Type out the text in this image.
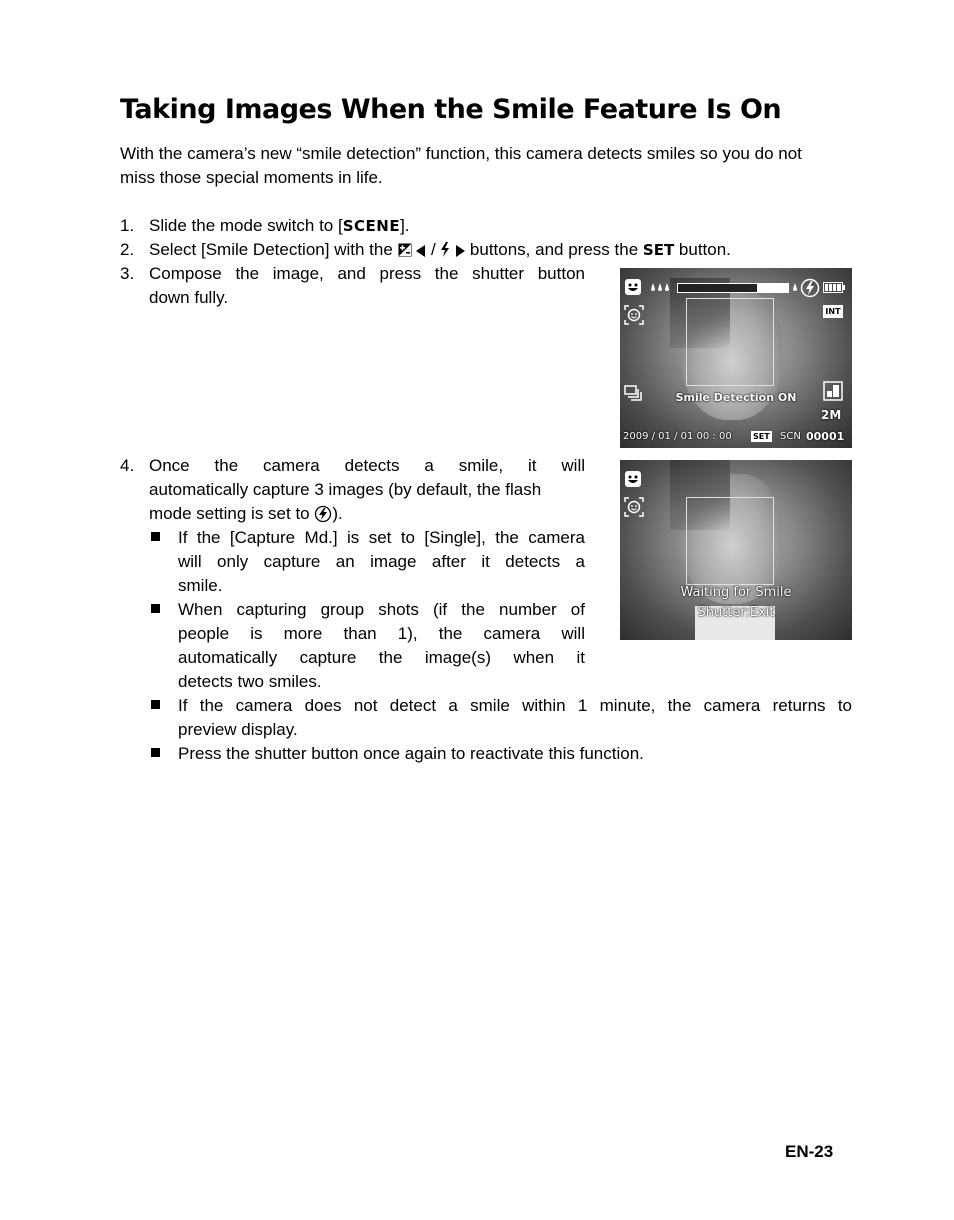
Taking Images When the Smile Feature Is On
With the camera’s new “smile detection” function, this camera detects smiles so you do not miss those special moments in life.
1. Slide the mode switch to [SCENE].
2. Select [Smile Detection] with the / buttons, and press the SET button.
3. Compose the image, and press the shutter button
down fully.
INT
Smile Detection ON
2M
2009 / 01 / 01 00 : 00	SET SCN 00001
4. Once the camera detects a smile, it will
automatically capture 3 images (by default, the flash
mode setting is set to ).
Waiting for Smile
Shutter:Exit
If the [Capture Md.] is set to [Single], the camera
will only capture an image after it detects a
smile.
When capturing group shots (if the number of
people is more than 1), the camera will
automatically capture the image(s) when it
detects two smiles.
If the camera does not detect a smile within 1 minute, the camera returns to
preview display.
Press the shutter button once again to reactivate this function.
EN-23
